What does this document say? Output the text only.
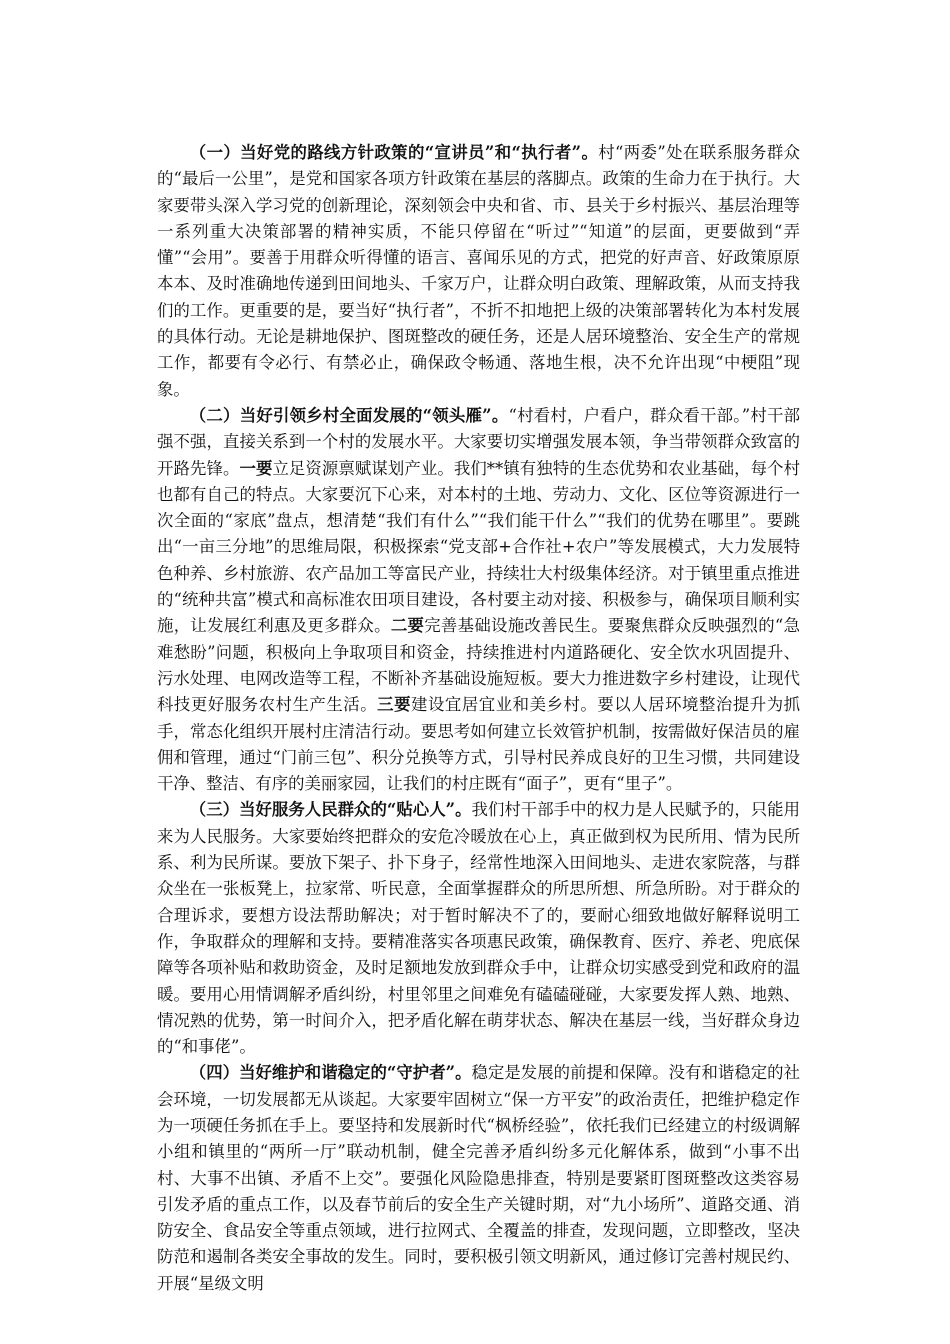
（一）当好党的路线方针政策的“宣讲员”和“执行者”。村“两委”处在联系服务群众的“最后一公里”，是党和国家各项方针政策在基层的落脚点。政策的生命力在于执行。大家要带头深入学习党的创新理论，深刻领会中央和省、市、县关于乡村振兴、基层治理等一系列重大决策部署的精神实质，不能只停留在“听过”“知道”的层面，更要做到“弄懂”“会用”。要善于用群众听得懂的语言、喜闻乐见的方式，把党的好声音、好政策原原本本、及时准确地传递到田间地头、千家万户，让群众明白政策、理解政策，从而支持我们的工作。更重要的是，要当好“执行者”，不折不扣地把上级的决策部署转化为本村发展的具体行动。无论是耕地保护、图斑整改的硬任务，还是人居环境整治、安全生产的常规工作，都要有令必行、有禁必止，确保政令畅通、落地生根，决不允许出现“中梗阻”现象。

（二）当好引领乡村全面发展的“领头雁”。“村看村，户看户，群众看干部。”村干部强不强，直接关系到一个村的发展水平。大家要切实增强发展本领，争当带领群众致富的开路先锋。一要立足资源禀赋谋划产业。我们**镇有独特的生态优势和农业基础，每个村也都有自己的特点。大家要沉下心来，对本村的土地、劳动力、文化、区位等资源进行一次全面的“家底”盘点，想清楚“我们有什么”“我们能干什么”“我们的优势在哪里”。要跳出“一亩三分地”的思维局限，积极探索“党支部+合作社+农户”等发展模式，大力发展特色种养、乡村旅游、农产品加工等富民产业，持续壮大村级集体经济。对于镇里重点推进的“统种共富”模式和高标准农田项目建设，各村要主动对接、积极参与，确保项目顺利实施，让发展红利惠及更多群众。二要完善基础设施改善民生。要聚焦群众反映强烈的“急难愁盼”问题，积极向上争取项目和资金，持续推进村内道路硬化、安全饮水巩固提升、污水处理、电网改造等工程，不断补齐基础设施短板。要大力推进数字乡村建设，让现代科技更好服务农村生产生活。三要建设宜居宜业和美乡村。要以人居环境整治提升为抓手，常态化组织开展村庄清洁行动。要思考如何建立长效管护机制，按需做好保洁员的雇佣和管理，通过“门前三包”、积分兑换等方式，引导村民养成良好的卫生习惯，共同建设干净、整洁、有序的美丽家园，让我们的村庄既有“面子”，更有“里子”。

（三）当好服务人民群众的“贴心人”。我们村干部手中的权力是人民赋予的，只能用来为人民服务。大家要始终把群众的安危冷暖放在心上，真正做到权为民所用、情为民所系、利为民所谋。要放下架子、扑下身子，经常性地深入田间地头、走进农家院落，与群众坐在一张板凳上，拉家常、听民意，全面掌握群众的所思所想、所急所盼。对于群众的合理诉求，要想方设法帮助解决；对于暂时解决不了的，要耐心细致地做好解释说明工作，争取群众的理解和支持。要精准落实各项惠民政策，确保教育、医疗、养老、兜底保障等各项补贴和救助资金，及时足额地发放到群众手中，让群众切实感受到党和政府的温暖。要用心用情调解矛盾纠纷，村里邻里之间难免有磕磕碰碰，大家要发挥人熟、地熟、情况熟的优势，第一时间介入，把矛盾化解在萌芽状态、解决在基层一线，当好群众身边的“和事佬”。

（四）当好维护和谐稳定的“守护者”。稳定是发展的前提和保障。没有和谐稳定的社会环境，一切发展都无从谈起。大家要牢固树立“保一方平安”的政治责任，把维护稳定作为一项硬任务抓在手上。要坚持和发展新时代“枫桥经验”，依托我们已经建立的村级调解小组和镇里的“两所一厅”联动机制，健全完善矛盾纠纷多元化解体系，做到“小事不出村、大事不出镇、矛盾不上交”。要强化风险隐患排查，特别是要紧盯图斑整改这类容易引发矛盾的重点工作，以及春节前后的安全生产关键时期，对“九小场所”、道路交通、消防安全、食品安全等重点领域，进行拉网式、全覆盖的排查，发现问题，立即整改，坚决防范和遏制各类安全事故的发生。同时，要积极引领文明新风，通过修订完善村规民约、开展“星级文明
